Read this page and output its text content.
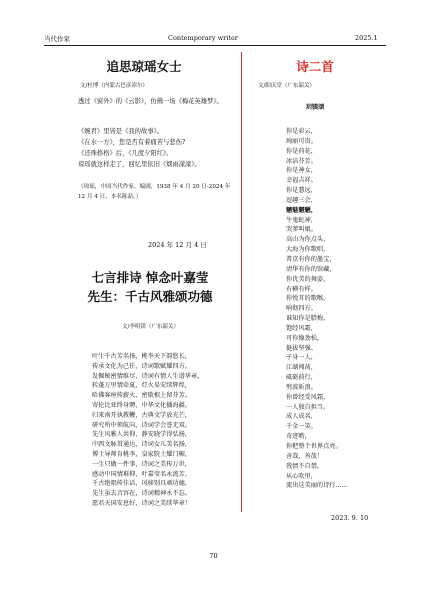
当代作家	Contemporary writer	2025.1
追思琼瑶女士
文/杜博（内蒙古巴彦淖尔）
透过《窗外》的《云影》，仿佛一场《梅花英雄梦》。
《婉君》里皆是《我的故事》。
《在水一方》，您是否有着痛苦与悲伤?
《还珠格格》后，《几度夕阳红》。
琼瑶就这样走了，回忆里依旧《烟雨濛濛》。
（琼瑶，中国当代作家、编剧，1938 年 4 月 20 日-2024 年 12 月 4 日，本名陈喆。）
2024 年 12 月 4 日
七言排诗 悼念叶嘉莹
先生：千古风雅颂功德
文/李明镁（广东韶关）
叶生千古芳名扬，桃李天下韵悠长，
传承文化为己任，诗词歌赋耀四方。
发掘秘密情维尽，诗词有情人生谱华章。
转蓬万里情牵夏，灯火易安续辉煌，
哈佛客座传薪火，密歇根上留芬芳。
寄伦比亚终身聘，中华文化播海疆。
归来南开执教鞭，古典文学放光芒，
研究所中领航向，诗词学会誉无双。
先生风雅人共仰，静安晓学得弘扬，
中西文脉贯通达，诗词女儿美名扬，
博士导师育桃李，皇家院士耀门楣，
一生只做一件事，诗词之美传万世，
感动中国情难抑，叶嘉莹名永流芳。
千古绝唱传佳话，风移别具顽功德，
先生虽去音容在，诗词精神永不忘。
愿君天国安息好，诗词之美续华章！
诗二首
文/阳庆堂（广东韶关）
玥镁颂
你是彩云，
绚丽可贵。
你是荷花，
冰洁芬芳。
你是神女，
幸福吉祥。
你是慧远，
逗趣三会，
魑魅魍魉，
牛鬼蛇神，
哭爹叫娘。
高山为你点头，
大海为你歌唱，
普京有你的墨宝，
清华有你的馆藏，
你优美的舞姿，
有横有样。
你悦耳的歌喉，
响彻四方。
谁知你是腊梅，
饱经风霜，
可你像劲松，
挺拔坚强。
孑身一人，
江湖闯荡，
砥砺前行，
劈波斩浪。
你曾经受风霜，
一人独自担当。
成人成名，
千金一笑。
奇迹哟，
你把整个世界点亮。
善哉，善哉！
我情不自禁，
从心吹里，
流出这美丽的诗行……
2023. 9. 10
70
